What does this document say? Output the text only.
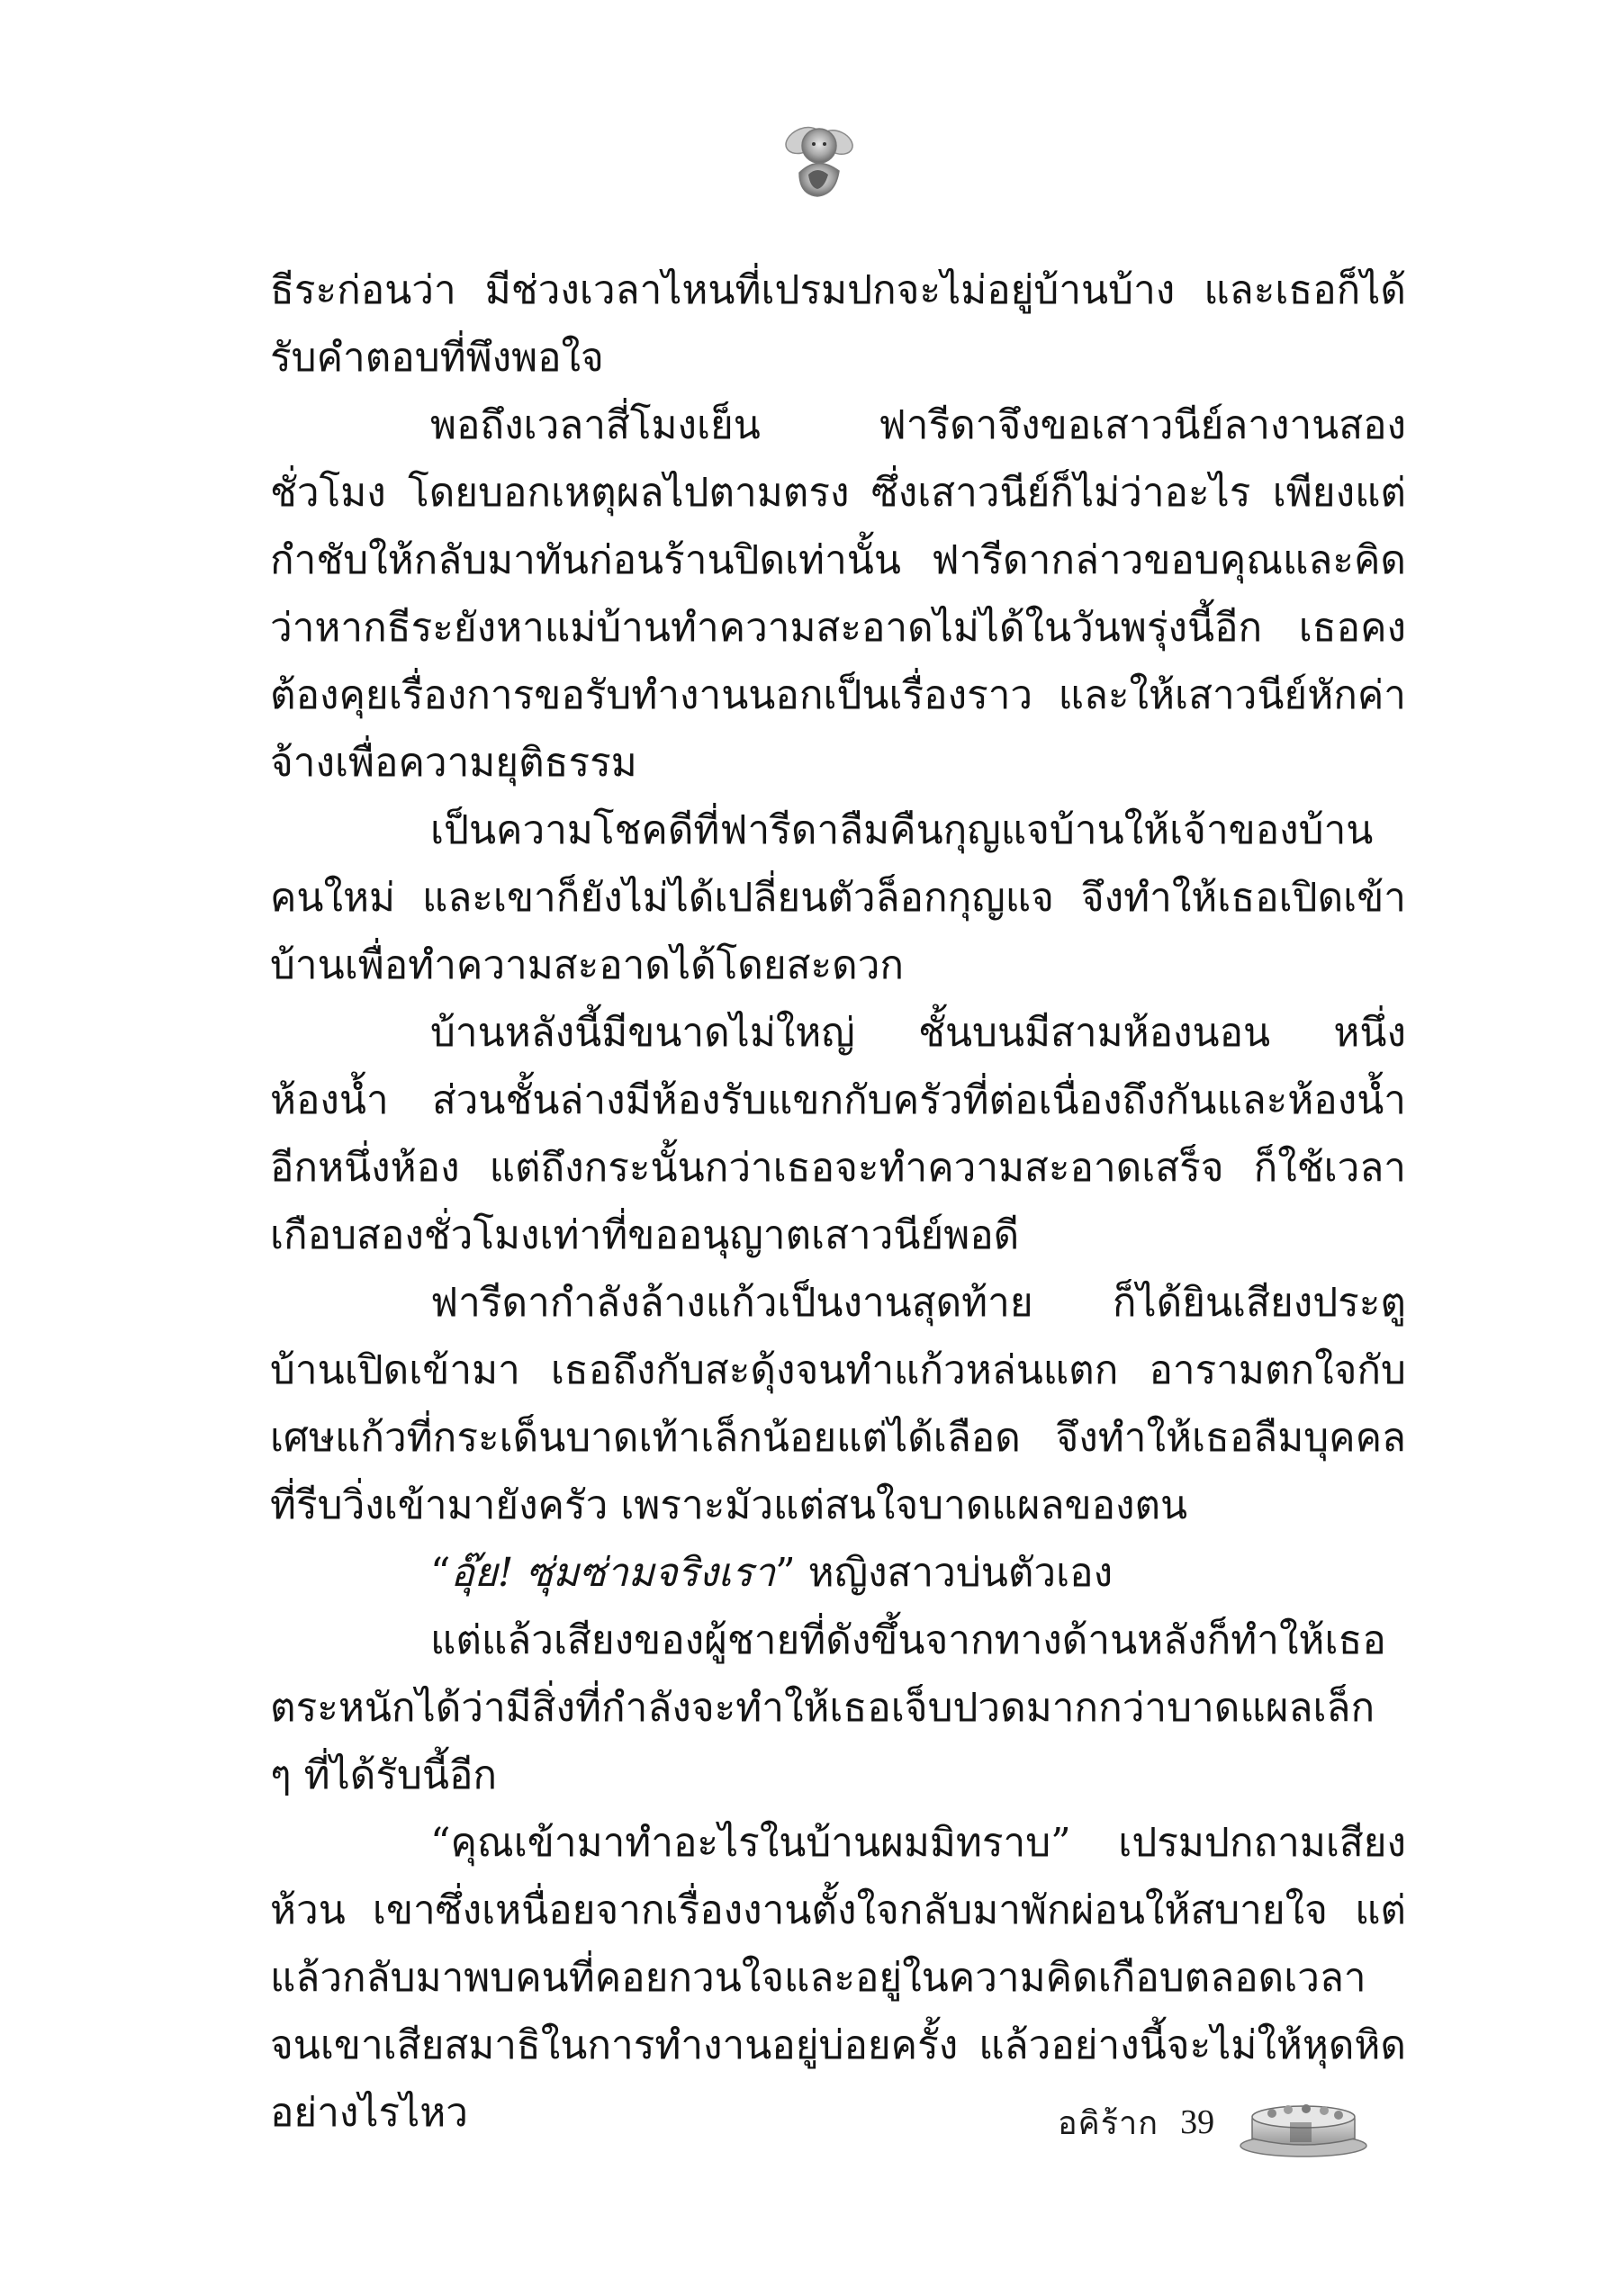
ธีระก่อนว่า มีช่วงเวลาไหนที่เปรมปกจะไม่อยู่บ้านบ้าง และเธอก็ได้รับคำตอบที่พึงพอใจ

พอถึงเวลาสี่โมงเย็น ฟารีดาจึงขอเสาวนีย์ลางานสองชั่วโมง โดยบอกเหตุผลไปตามตรง ซึ่งเสาวนีย์ก็ไม่ว่าอะไร เพียงแต่กำชับให้กลับมาทันก่อนร้านปิดเท่านั้น ฟารีดากล่าวขอบคุณและคิดว่าหากธีระยังหาแม่บ้านทำความสะอาดไม่ได้ในวันพรุ่งนี้อีก เธอคงต้องคุยเรื่องการขอรับทำงานนอกเป็นเรื่องราว และให้เสาวนีย์หักค่าจ้างเพื่อความยุติธรรม

เป็นความโชคดีที่ฟารีดาลืมคืนกุญแจบ้านให้เจ้าของบ้านคนใหม่ และเขาก็ยังไม่ได้เปลี่ยนตัวล็อกกุญแจ จึงทำให้เธอเปิดเข้าบ้านเพื่อทำความสะอาดได้โดยสะดวก

บ้านหลังนี้มีขนาดไม่ใหญ่ ชั้นบนมีสามห้องนอน หนึ่งห้องน้ำ ส่วนชั้นล่างมีห้องรับแขกกับครัวที่ต่อเนื่องถึงกันและห้องน้ำอีกหนึ่งห้อง แต่ถึงกระนั้นกว่าเธอจะทำความสะอาดเสร็จ ก็ใช้เวลาเกือบสองชั่วโมงเท่าที่ขออนุญาตเสาวนีย์พอดี

ฟารีดากำลังล้างแก้วเป็นงานสุดท้าย ก็ได้ยินเสียงประตูบ้านเปิดเข้ามา เธอถึงกับสะดุ้งจนทำแก้วหล่นแตก อารามตกใจกับเศษแก้วที่กระเด็นบาดเท้าเล็กน้อยแต่ได้เลือด จึงทำให้เธอลืมบุคคลที่รีบวิ่งเข้ามายังครัว เพราะมัวแต่สนใจบาดแผลของตน

“อุ๊ย! ซุ่มซ่ามจริงเรา” หญิงสาวบ่นตัวเอง

แต่แล้วเสียงของผู้ชายที่ดังขึ้นจากทางด้านหลังก็ทำให้เธอตระหนักได้ว่ามีสิ่งที่กำลังจะทำให้เธอเจ็บปวดมากกว่าบาดแผลเล็ก ๆ ที่ได้รับนี้อีก

“คุณเข้ามาทำอะไรในบ้านผมมิทราบ” เปรมปกถามเสียงห้วน เขาซึ่งเหนื่อยจากเรื่องงานตั้งใจกลับมาพักผ่อนให้สบายใจ แต่แล้วกลับมาพบคนที่คอยกวนใจและอยู่ในความคิดเกือบตลอดเวลา จนเขาเสียสมาธิในการทำงานอยู่บ่อยครั้ง แล้วอย่างนี้จะไม่ให้หุดหิดอย่างไรไหว	อคิร้าก 39
